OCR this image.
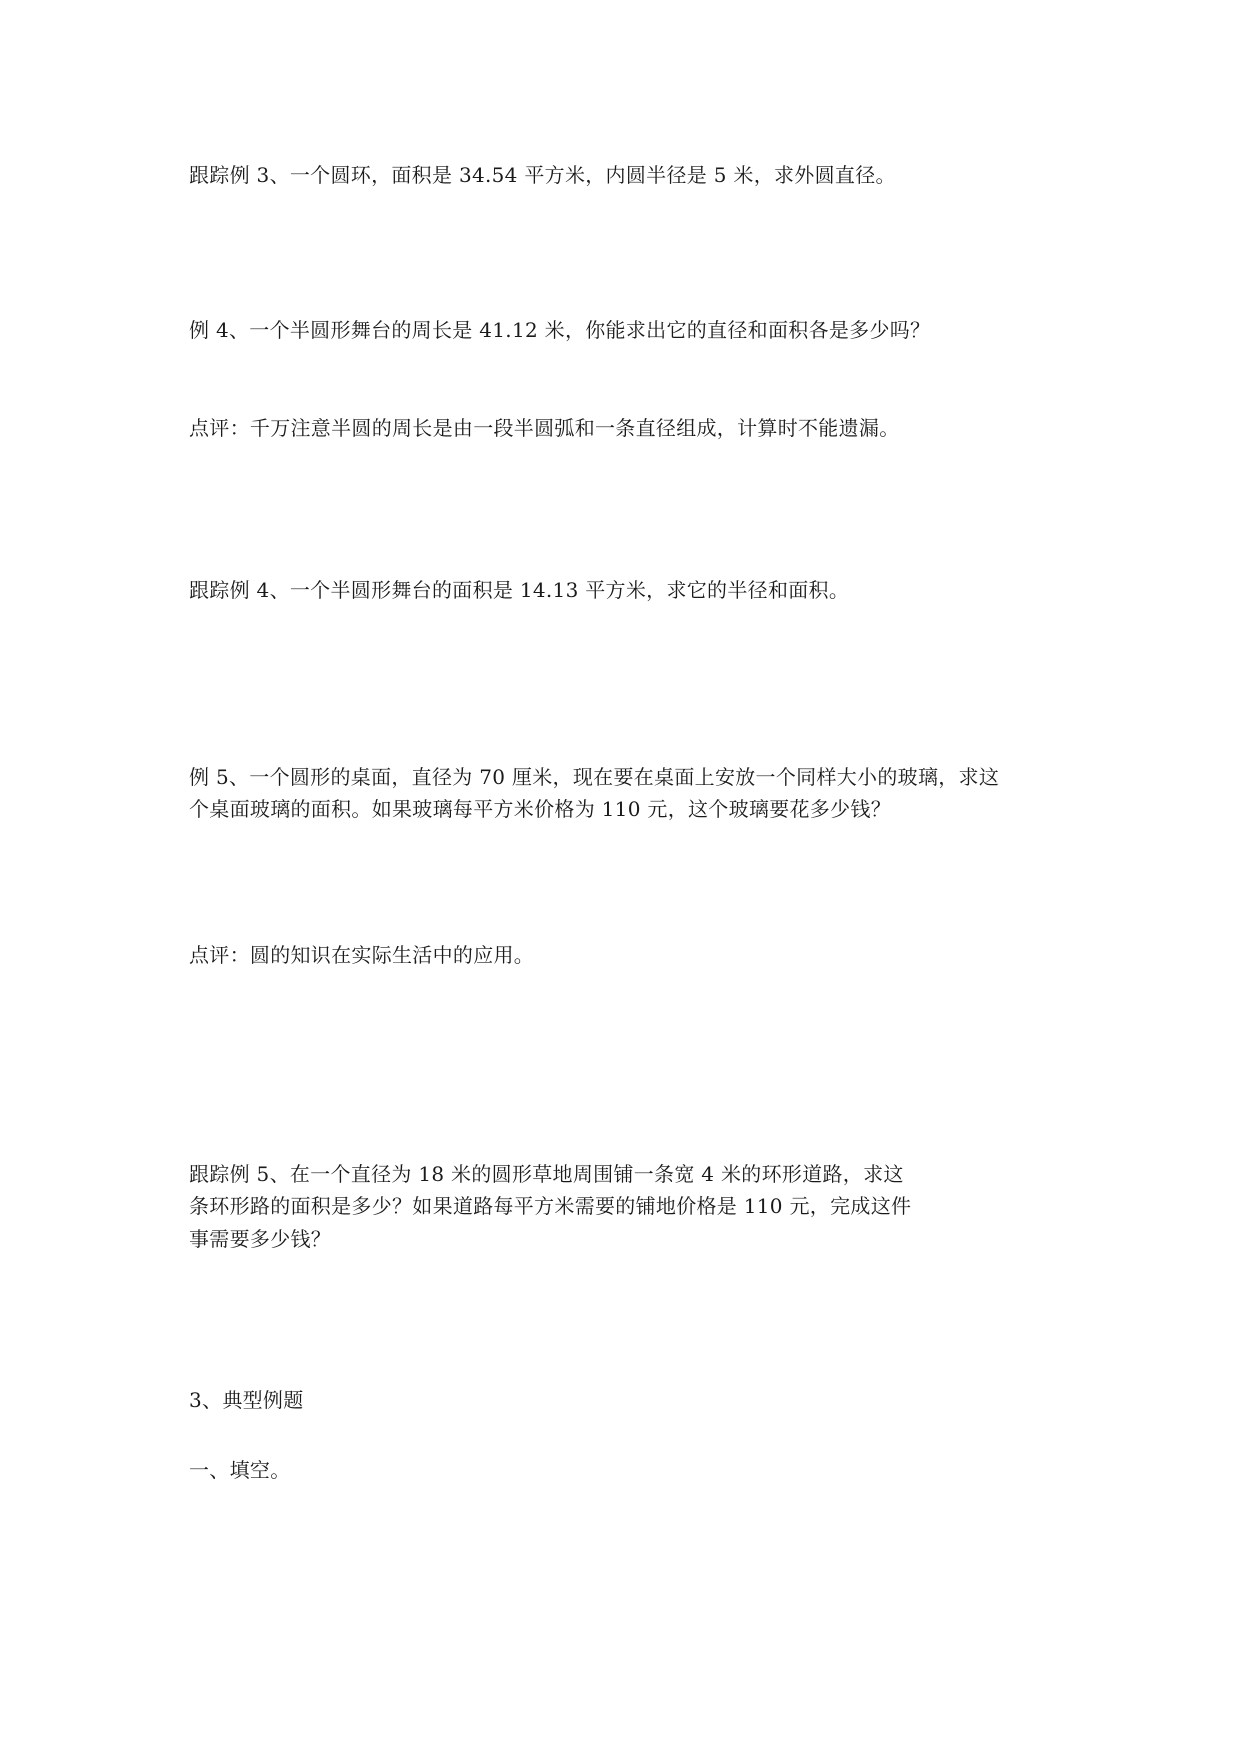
跟踪例 3、一个圆环，面积是 34.54 平方米，内圆半径是 5 米，求外圆直径。
例 4、一个半圆形舞台的周长是 41.12 米，你能求出它的直径和面积各是多少吗？
点评：千万注意半圆的周长是由一段半圆弧和一条直径组成，计算时不能遗漏。
跟踪例 4、一个半圆形舞台的面积是 14.13 平方米，求它的半径和面积。
例 5、一个圆形的桌面，直径为 70 厘米，现在要在桌面上安放一个同样大小的玻璃，求这
个桌面玻璃的面积。如果玻璃每平方米价格为 110 元，这个玻璃要花多少钱？
点评：圆的知识在实际生活中的应用。
跟踪例 5、在一个直径为 18 米的圆形草地周围铺一条宽 4 米的环形道路，求这
条环形路的面积是多少？如果道路每平方米需要的铺地价格是 110 元，完成这件
事需要多少钱？
3、典型例题
一、填空。
